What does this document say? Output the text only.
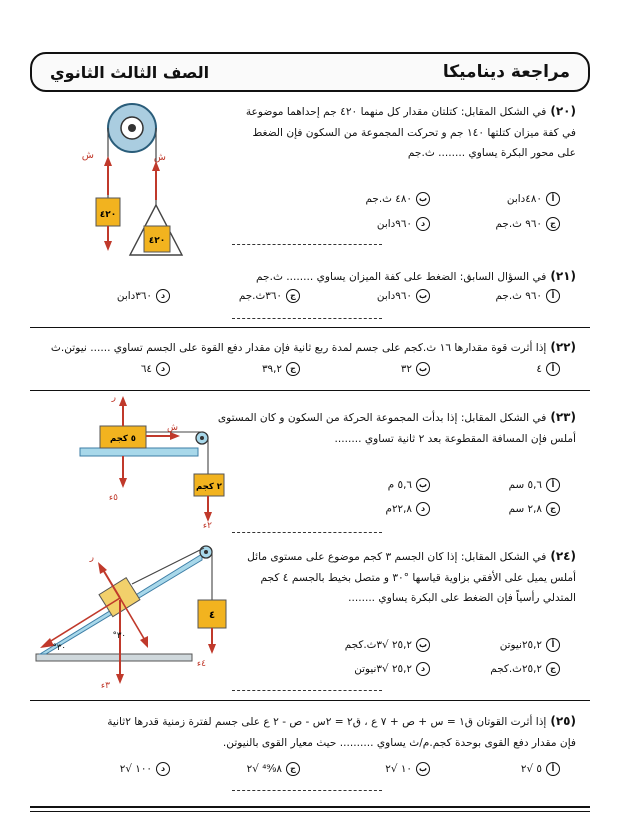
مراجعة ديناميكا
الصف الثالث الثانوي
(٢٠)في الشكل المقابل: كتلتان مقدار كل منهما ٤٢٠ جم إحداهما موضوعة
في كفة ميزان كتلتها ١٤٠ جم و تحركت المجموعة من السكون فإن الضغط
على محور البكرة يساوي ........ ث.جم
أ٤٨٠دابن
ب٤٨٠ ث.جم
ج٩٦٠ ث.جم
د٩٦٠دابن
ش	ش
٤٢٠
٤٢٠
(٢١)في السؤال السابق: الضغط على كفة الميزان يساوي ........ ث.جم
أ٩٦٠ ث.جم
ب٩٦٠دابن
ج٣٦٠ث.جم
د٣٦٠دابن
(٢٢)إذا أثرت قوة مقدارها ١٦ ث.كجم على جسم لمدة ربع ثانية فإن مقدار دفع القوة على الجسم تساوي ...... نيوتن.ث
أ٤
ب٣٢
ج٣٩,٢
د٦٤
(٢٣)في الشكل المقابل: إذا بدأت المجموعة الحركة من السكون و كان المستوى
أملس فإن المسافة المقطوعة بعد ٢ ثانية تساوي ........
أ٥,٦ سم
ب٥,٦ م
ج٢,٨ سم
د٢٢,٨م
٥ كجم
ر
ش
٥ء
٢ كجم
٢ء
(٢٤)في الشكل المقابل: إذا كان الجسم ٣ كجم موضوع على مستوى مائل
أملس يميل على الأفقي بزاوية قياسها °٣٠ و متصل بخيط بالجسم ٤ كجم
المتدلي رأسياً فإن الضغط على البكرة يساوي ........
أ٢٥,٢نيوتن
ب٢٥,٢ √٣ث.كجم
ج٢٥,٢ث.كجم
د٢٥,٢ √٣نيوتن
٤
٤ء
٣ء
ر
٣٠°
٣٠°
(٢٥)إذا أثرت القوتان ق١ = س + ص + ٧ ع ، ق٢ = ٢س - ص - ٢ ع على جسم لفترة زمنية قدرها ٢ثانية
فإن مقدار دفع القوى بوحدة كجم.م/ث يساوي .......... حيث معيار القوى بالنيوتن.
أ٥ √٢
ب١٠ √٢
ج⁴⁹⁄₉٨ √٢
د١٠٠ √٢
